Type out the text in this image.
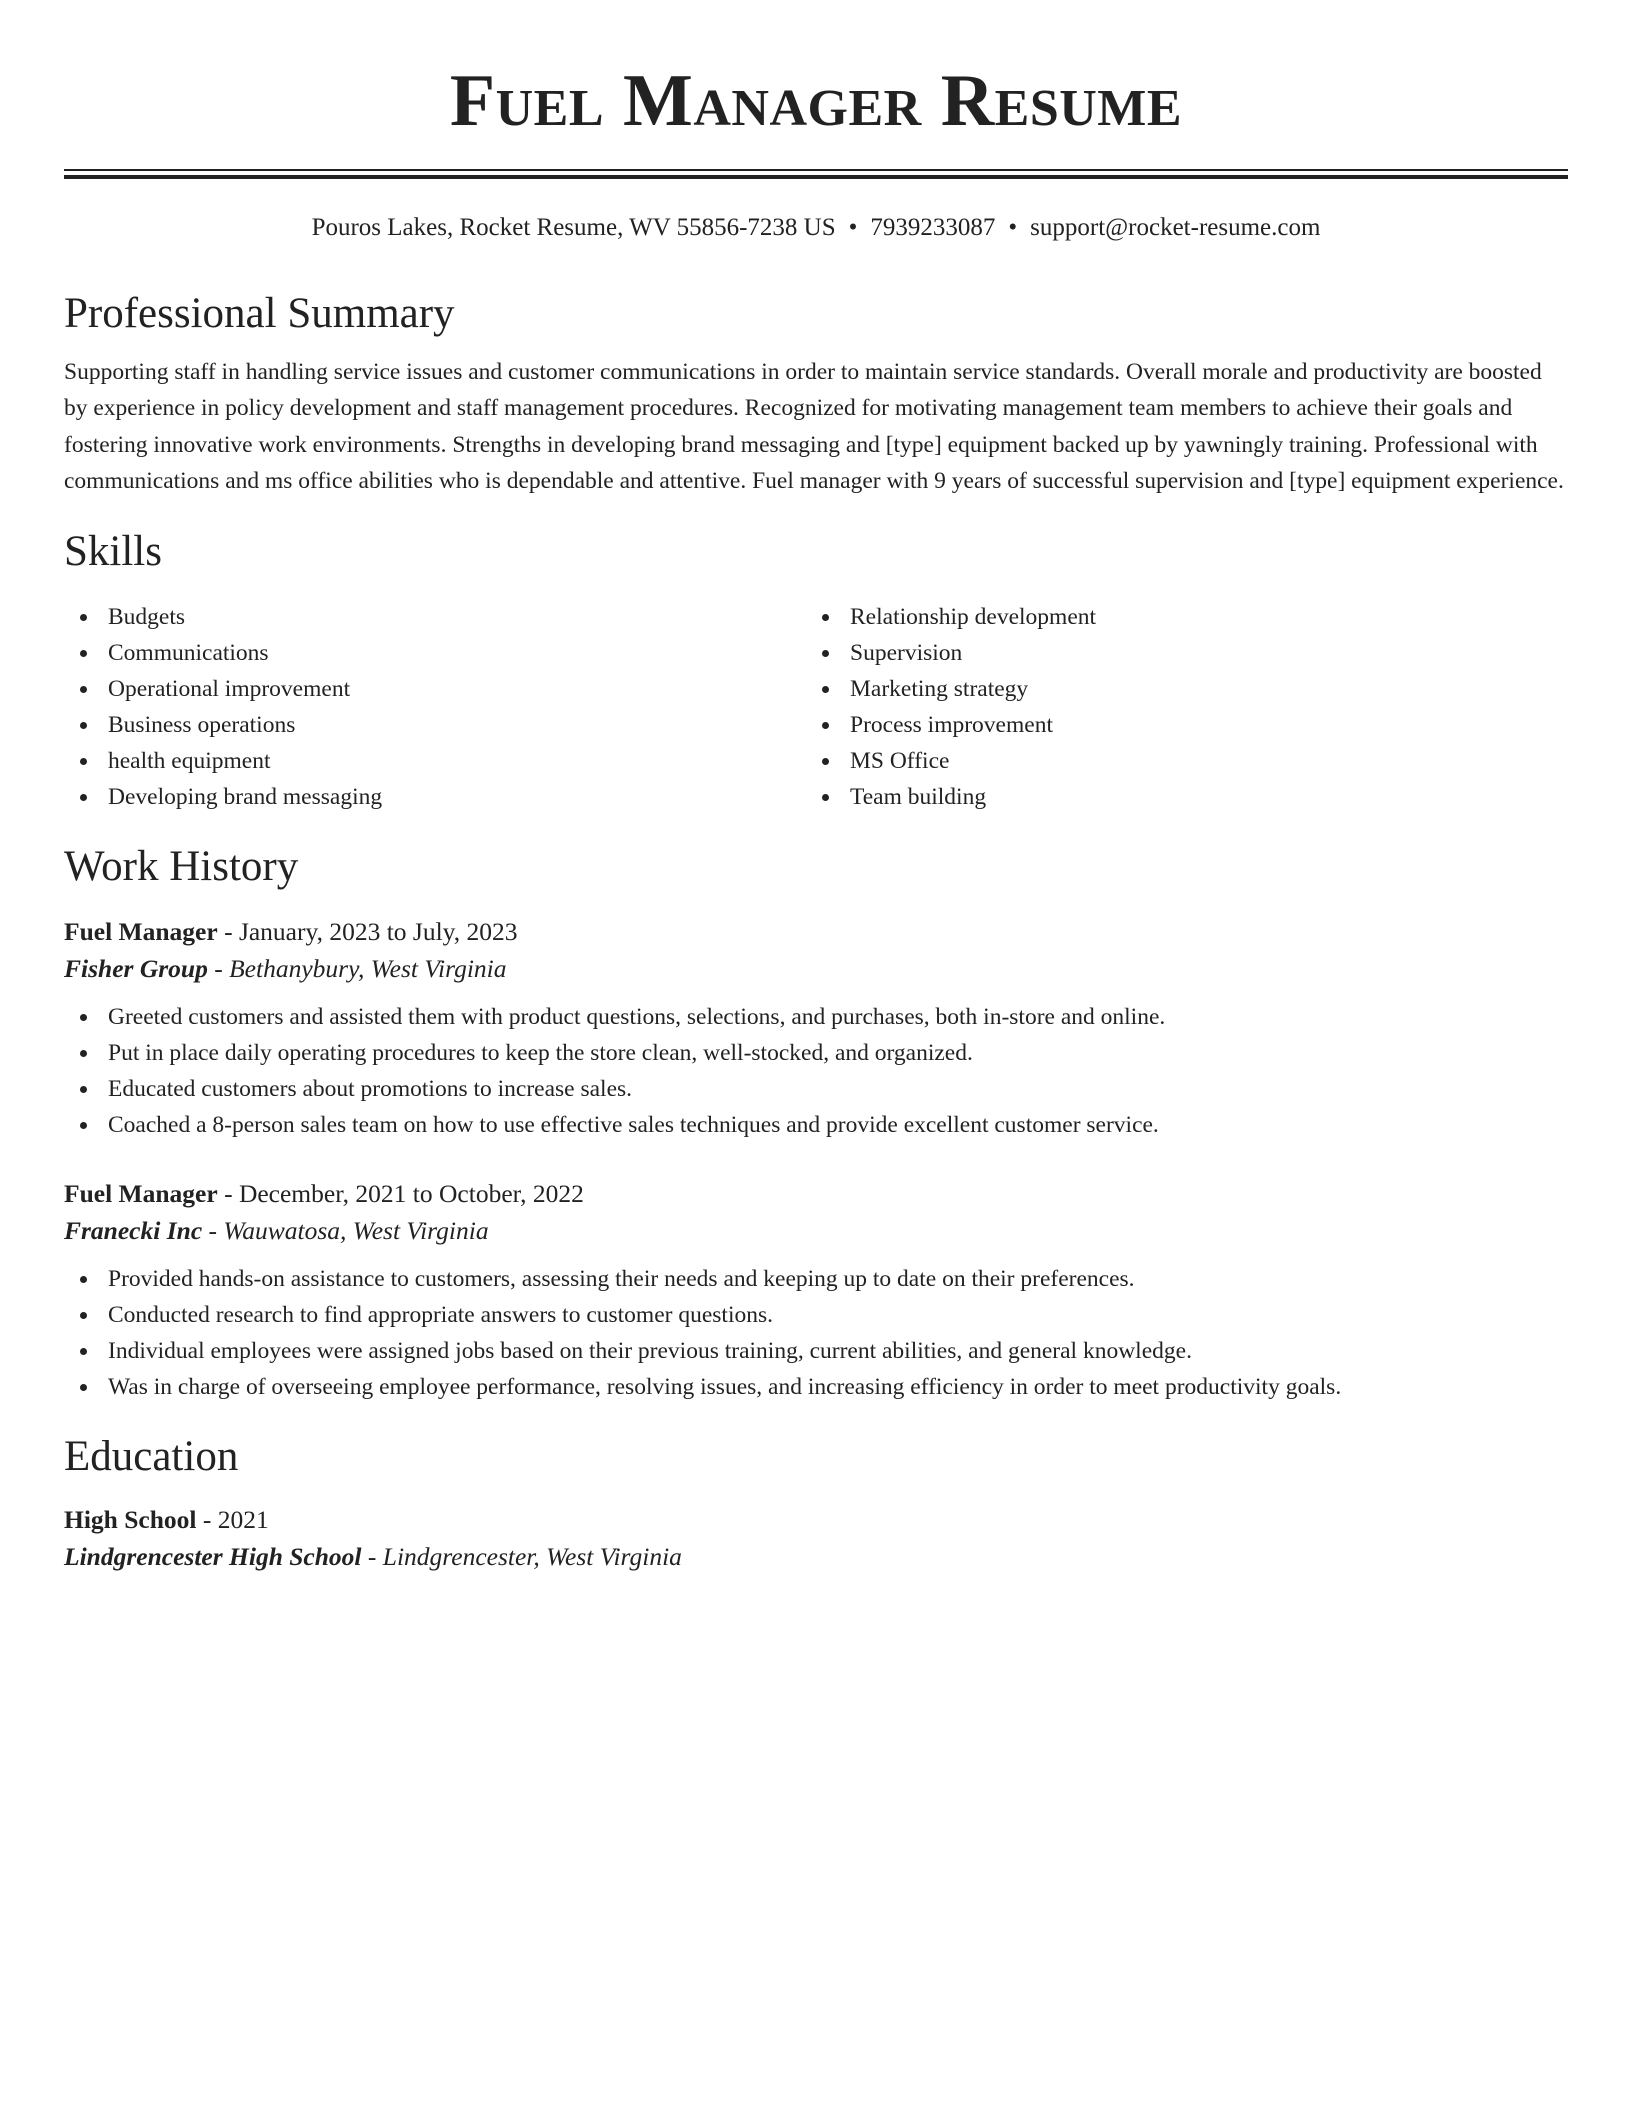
Fuel Manager Resume
Pouros Lakes, Rocket Resume, WV 55856-7238 US • 7939233087 • support@rocket-resume.com
Professional Summary

Supporting staff in handling service issues and customer communications in order to maintain service standards. Overall morale and productivity are boosted by experience in policy development and staff management procedures. Recognized for motivating management team members to achieve their goals and fostering innovative work environments. Strengths in developing brand messaging and [type] equipment backed up by yawningly training. Professional with communications and ms office abilities who is dependable and attentive. Fuel manager with 9 years of successful supervision and [type] equipment experience.

Skills
Budgets
Communications
Operational improvement
Business operations
health equipment
Developing brand messaging
Relationship development
Supervision
Marketing strategy
Process improvement
MS Office
Team building
Work History
Fuel Manager - January, 2023 to July, 2023
Fisher Group - Bethanybury, West Virginia
Greeted customers and assisted them with product questions, selections, and purchases, both in-store and online.
Put in place daily operating procedures to keep the store clean, well-stocked, and organized.
Educated customers about promotions to increase sales.
Coached a 8-person sales team on how to use effective sales techniques and provide excellent customer service.
Fuel Manager - December, 2021 to October, 2022
Franecki Inc - Wauwatosa, West Virginia
Provided hands-on assistance to customers, assessing their needs and keeping up to date on their preferences.
Conducted research to find appropriate answers to customer questions.
Individual employees were assigned jobs based on their previous training, current abilities, and general knowledge.
Was in charge of overseeing employee performance, resolving issues, and increasing efficiency in order to meet productivity goals.
Education
High School - 2021
Lindgrencester High School - Lindgrencester, West Virginia
